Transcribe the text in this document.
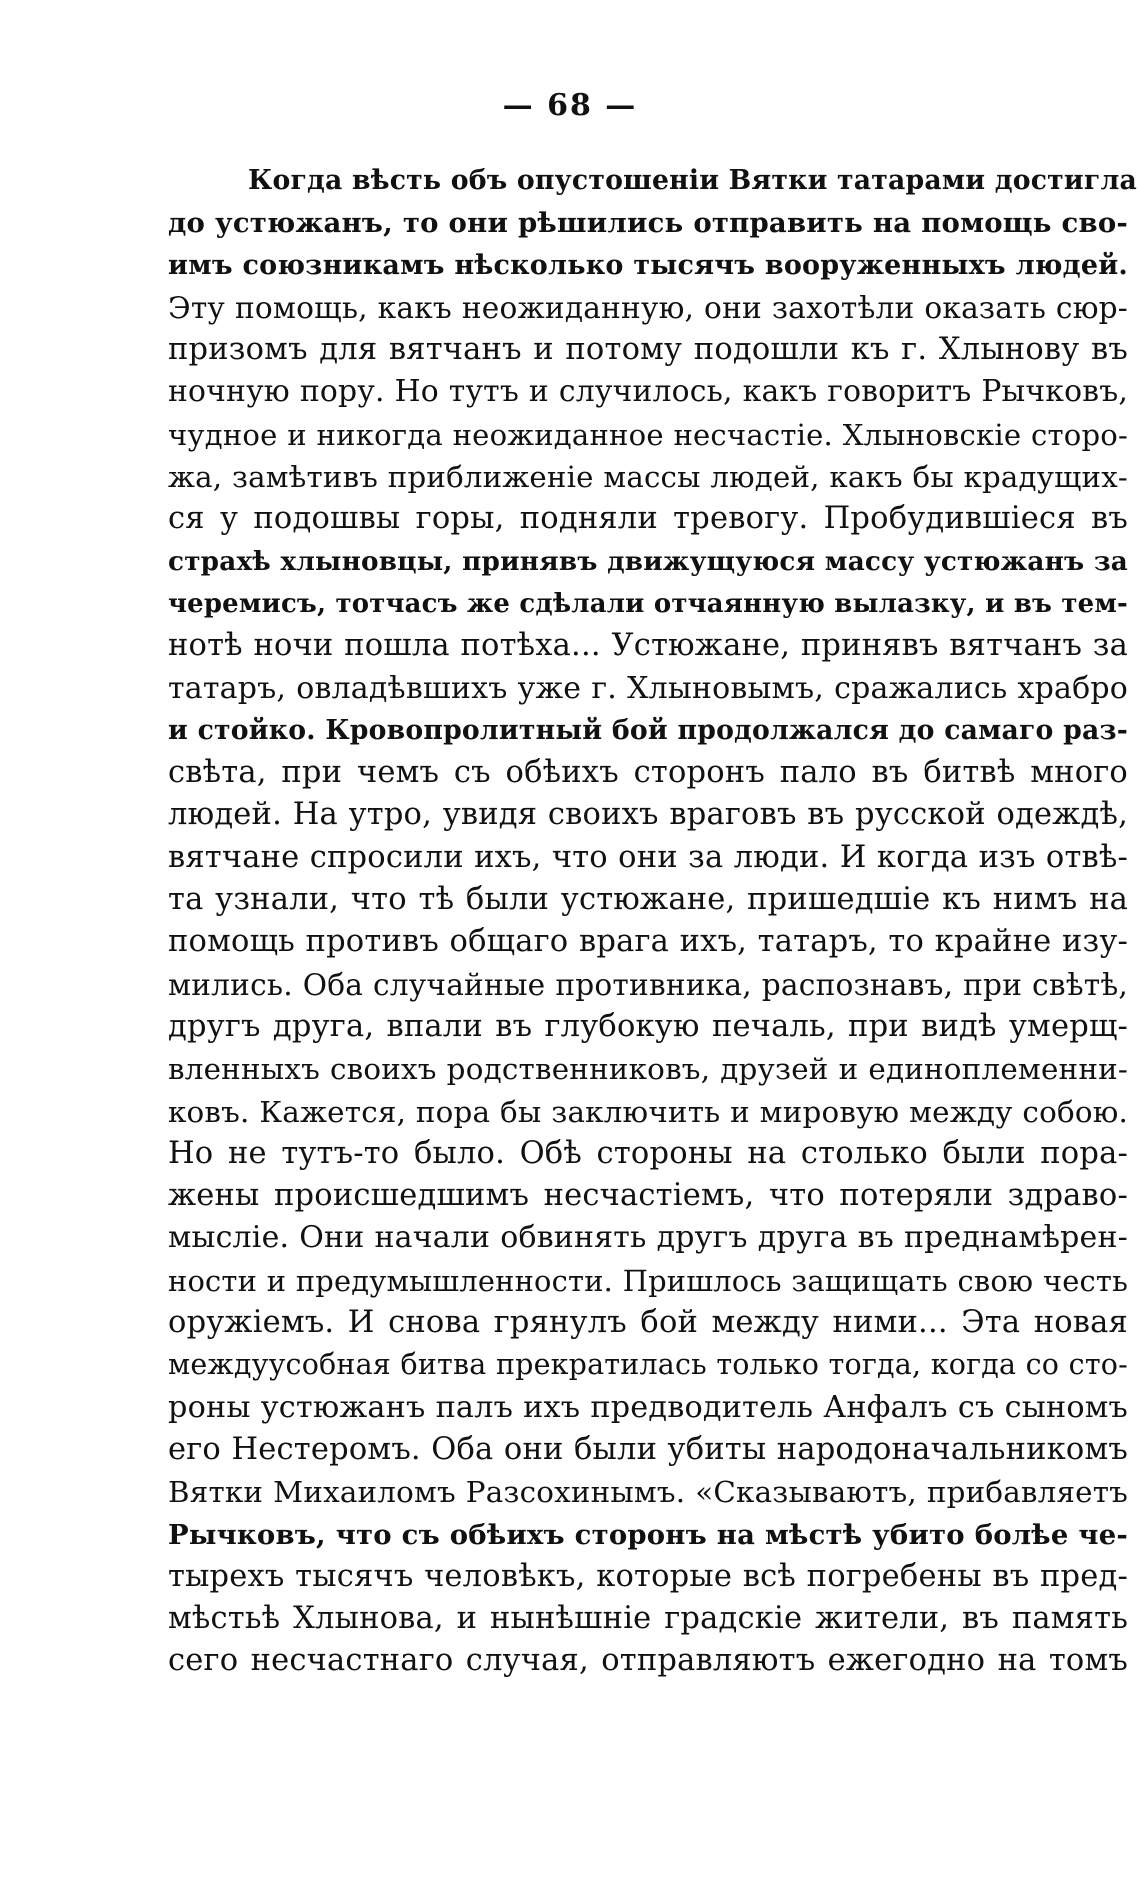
— 68 —
Когда вѣсть объ опустошеніи Вятки татарами достигла
до устюжанъ, то они рѣшились отправить на помощь сво-
имъ союзникамъ нѣсколько тысячъ вооруженныхъ людей.
Эту помощь, какъ неожиданную, они захотѣли оказать сюр-
призомъ для вятчанъ и потому подошли къ г. Хлынову въ
ночную пору. Но тутъ и случилось, какъ говоритъ Рычковъ,
чудное и никогда неожиданное несчастіе. Хлыновскіе сторо-
жа, замѣтивъ приближеніе массы людей, какъ бы крадущих-
ся у подошвы горы, подняли тревогу. Пробудившіеся въ
страхѣ хлыновцы, принявъ движущуюся массу устюжанъ за
черемисъ, тотчасъ же сдѣлали отчаянную вылазку, и въ тем-
нотѣ ночи пошла потѣха... Устюжане, принявъ вятчанъ за
татаръ, овладѣвшихъ уже г. Хлыновымъ, сражались храбро
и стойко. Кровопролитный бой продолжался до самаго раз-
свѣта, при чемъ съ обѣихъ сторонъ пало въ битвѣ много
людей. На утро, увидя своихъ враговъ въ русской одеждѣ,
вятчане спросили ихъ, что они за люди. И когда изъ отвѣ-
та узнали, что тѣ были устюжане, пришедшіе къ нимъ на
помощь противъ общаго врага ихъ, татаръ, то крайне изу-
мились. Оба случайные противника, распознавъ, при свѣтѣ,
другъ друга, впали въ глубокую печаль, при видѣ умерщ-
вленныхъ своихъ родственниковъ, друзей и единоплеменни-
ковъ. Кажется, пора бы заключить и мировую между собою.
Но не тутъ-то было. Обѣ стороны на столько были пора-
жены происшедшимъ несчастіемъ, что потеряли здраво-
мысліе. Они начали обвинять другъ друга въ преднамѣрен-
ности и предумышленности. Пришлось защищать свою честь
оружіемъ. И снова грянулъ бой между ними... Эта новая
междуусобная битва прекратилась только тогда, когда со сто-
роны устюжанъ палъ ихъ предводитель Анфалъ съ сыномъ
его Нестеромъ. Оба они были убиты народоначальникомъ
Вятки Михаиломъ Разсохинымъ. «Сказываютъ, прибавляетъ
Рычковъ, что съ обѣихъ сторонъ на мѣстѣ убито болѣе че-
тырехъ тысячъ человѣкъ, которые всѣ погребены въ пред-
мѣстьѣ Хлынова, и нынѣшніе градскіе жители, въ память
сего несчастнаго случая, отправляютъ ежегодно на томъ
